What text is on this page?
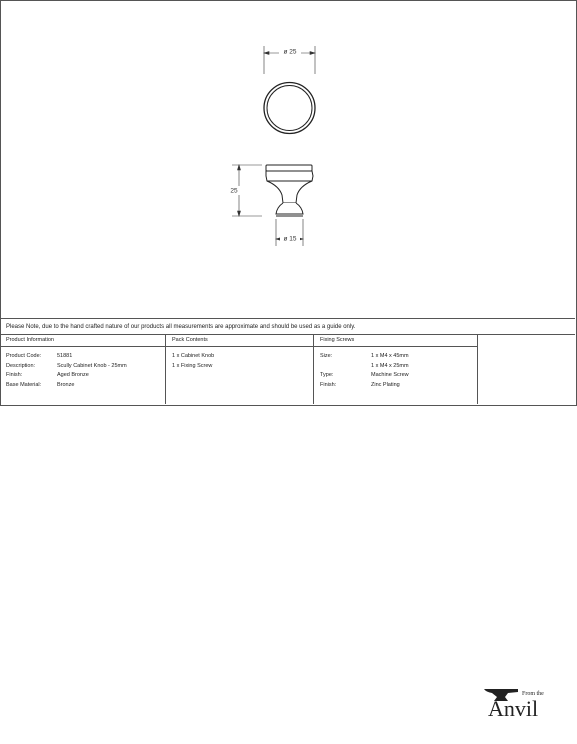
ø 25
25
ø 15
Please Note, due to the hand crafted nature of our products all measurements are approximate and should be used as a guide only.
Product Information
Product Code:	51881
Description:	Scully Cabinet Knob - 25mm
Finish:	Aged Bronze
Base Material:	Bronze
Pack Contents
1 x Cabinet Knob
1 x Fixing Screw
Fixing Screws
Size:	1 x M4 x 45mm
1 x M4 x 25mm
Type:	Machine Screw
Finish:	Zinc Plating
From the
Anvil
